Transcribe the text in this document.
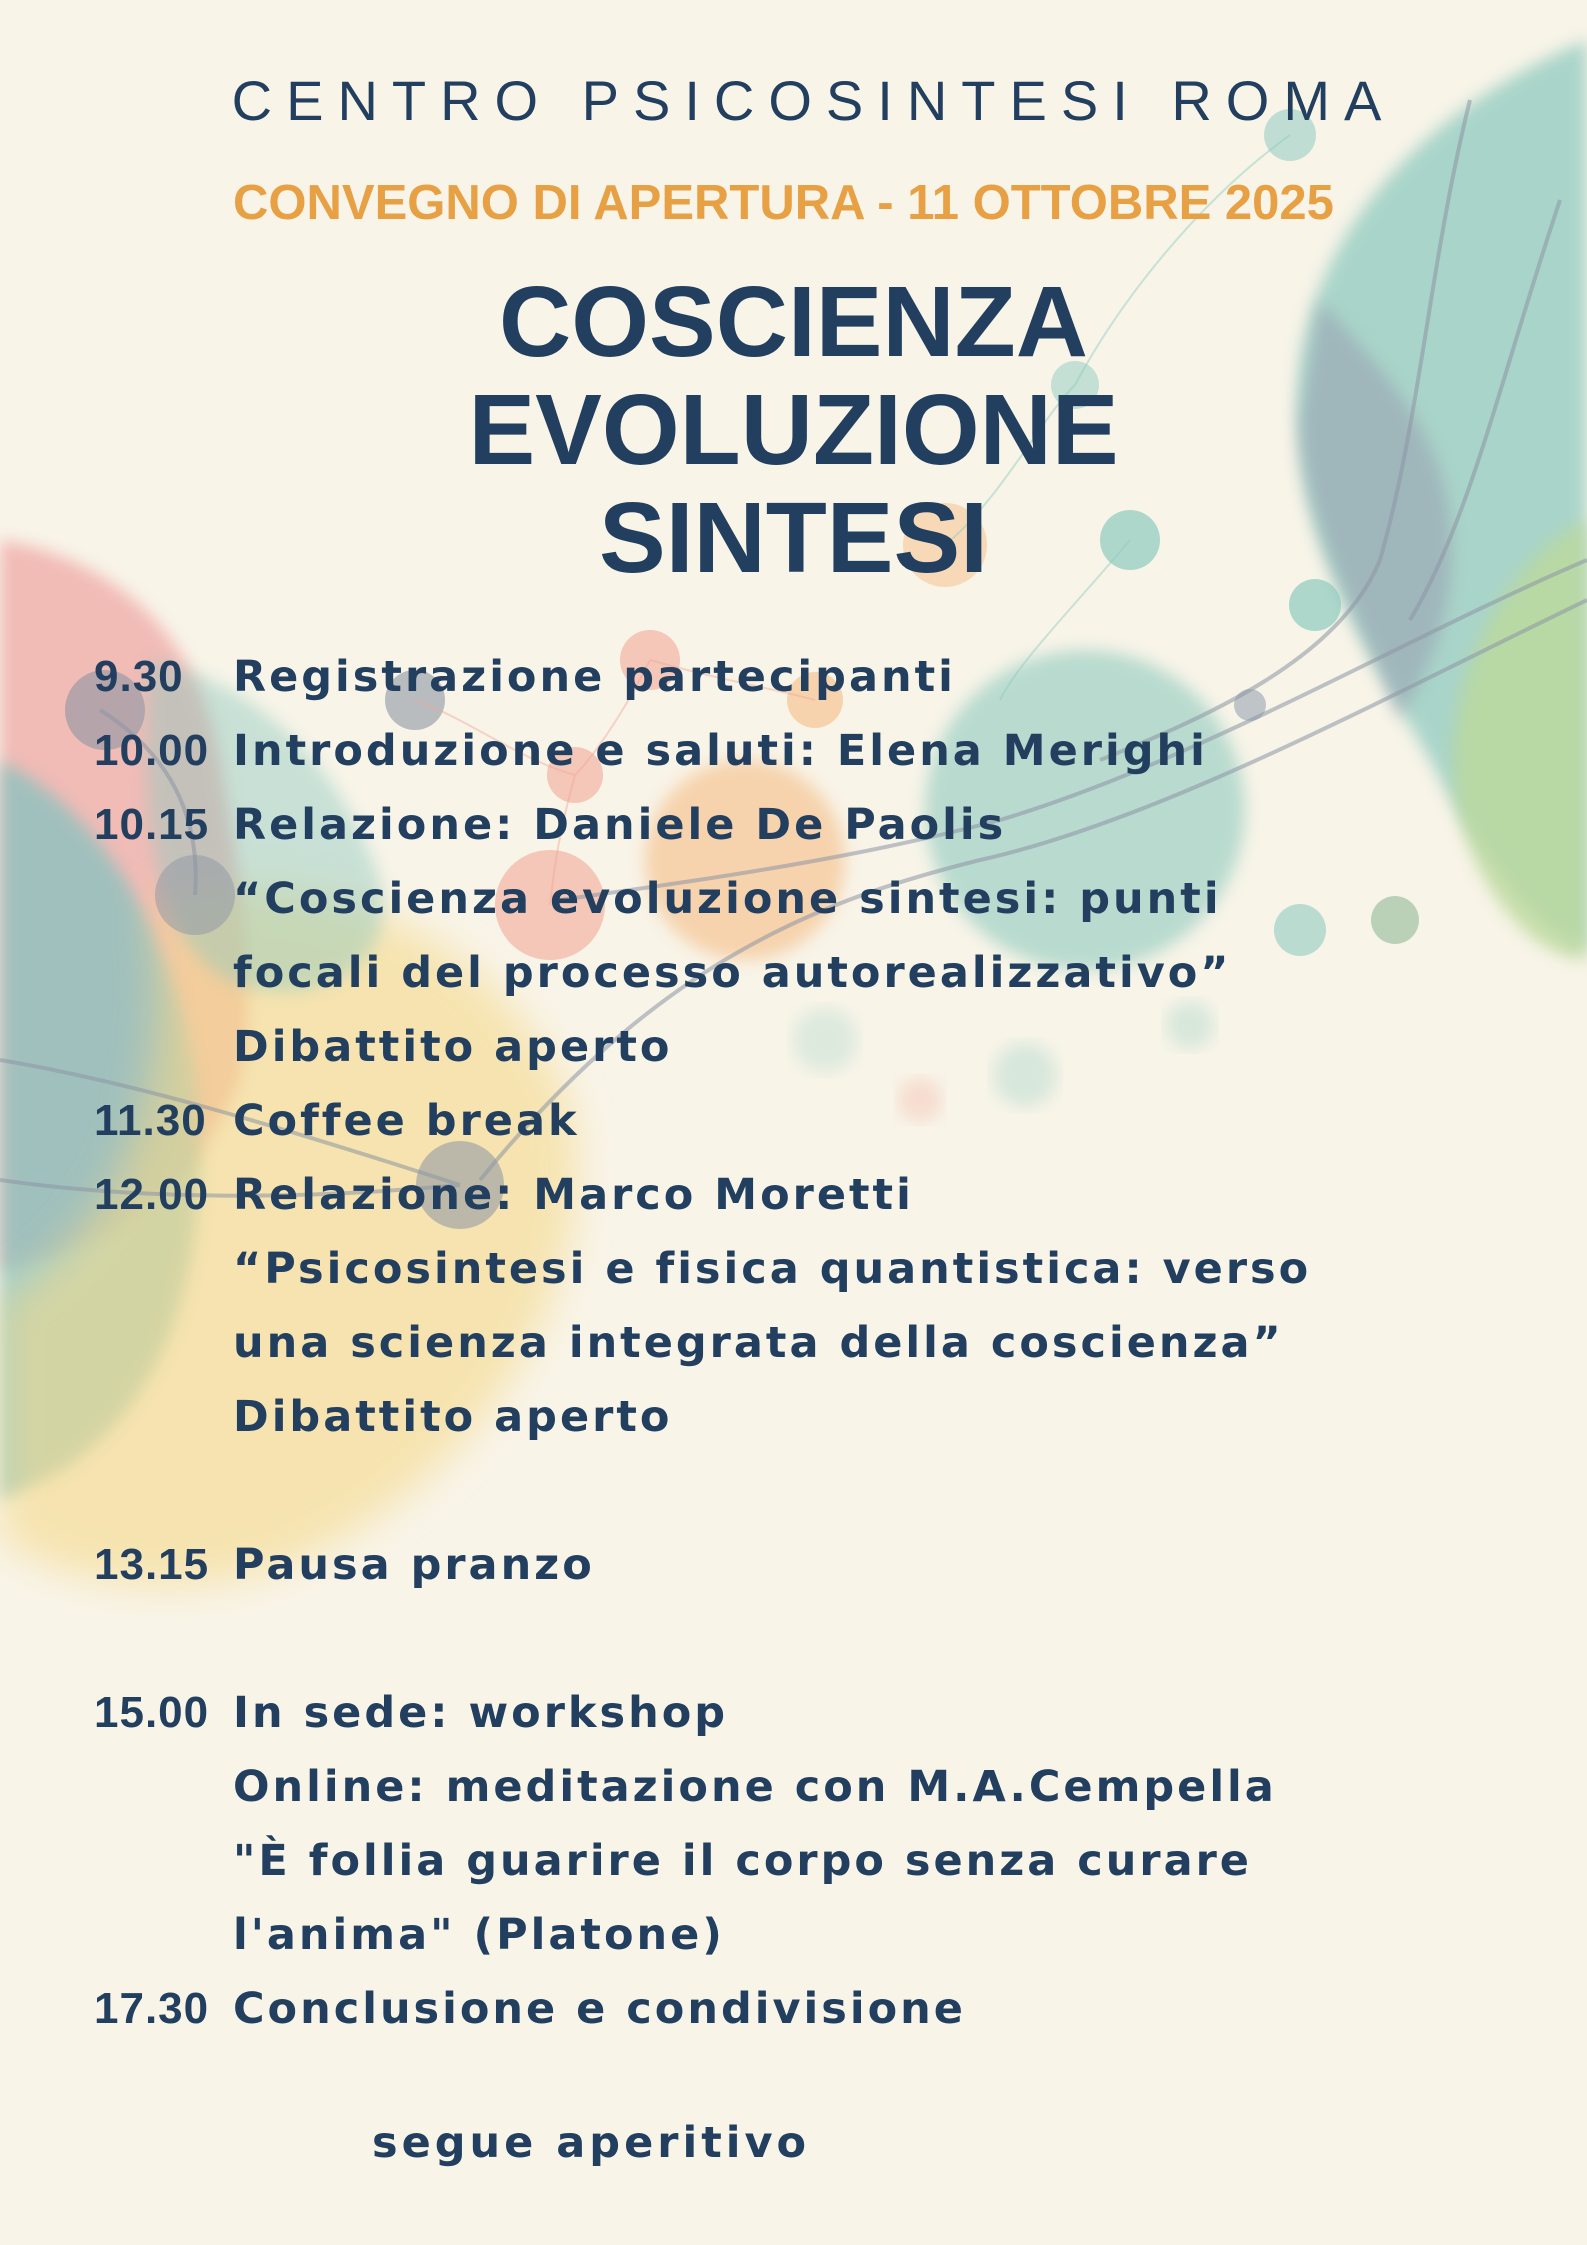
CENTRO PSICOSINTESI ROMA
CONVEGNO DI APERTURA - 11 OTTOBRE 2025
COSCIENZA
EVOLUZIONE
SINTESI
9.30	Registrazione partecipanti
10.00 Introduzione e saluti: Elena Merighi
10.15 Relazione: Daniele De Paolis
“Coscienza evoluzione sintesi: punti
focali del processo autorealizzativo”
Dibattito aperto
11.30 Coffee break
12.00 Relazione: Marco Moretti
“Psicosintesi e fisica quantistica: verso
una scienza integrata della coscienza”
Dibattito aperto
13.15 Pausa pranzo
15.00 In sede: workshop
Online: meditazione con M.A.Cempella
"È follia guarire il corpo senza curare
l'anima" (Platone)
17.30 Conclusione e condivisione
segue aperitivo
